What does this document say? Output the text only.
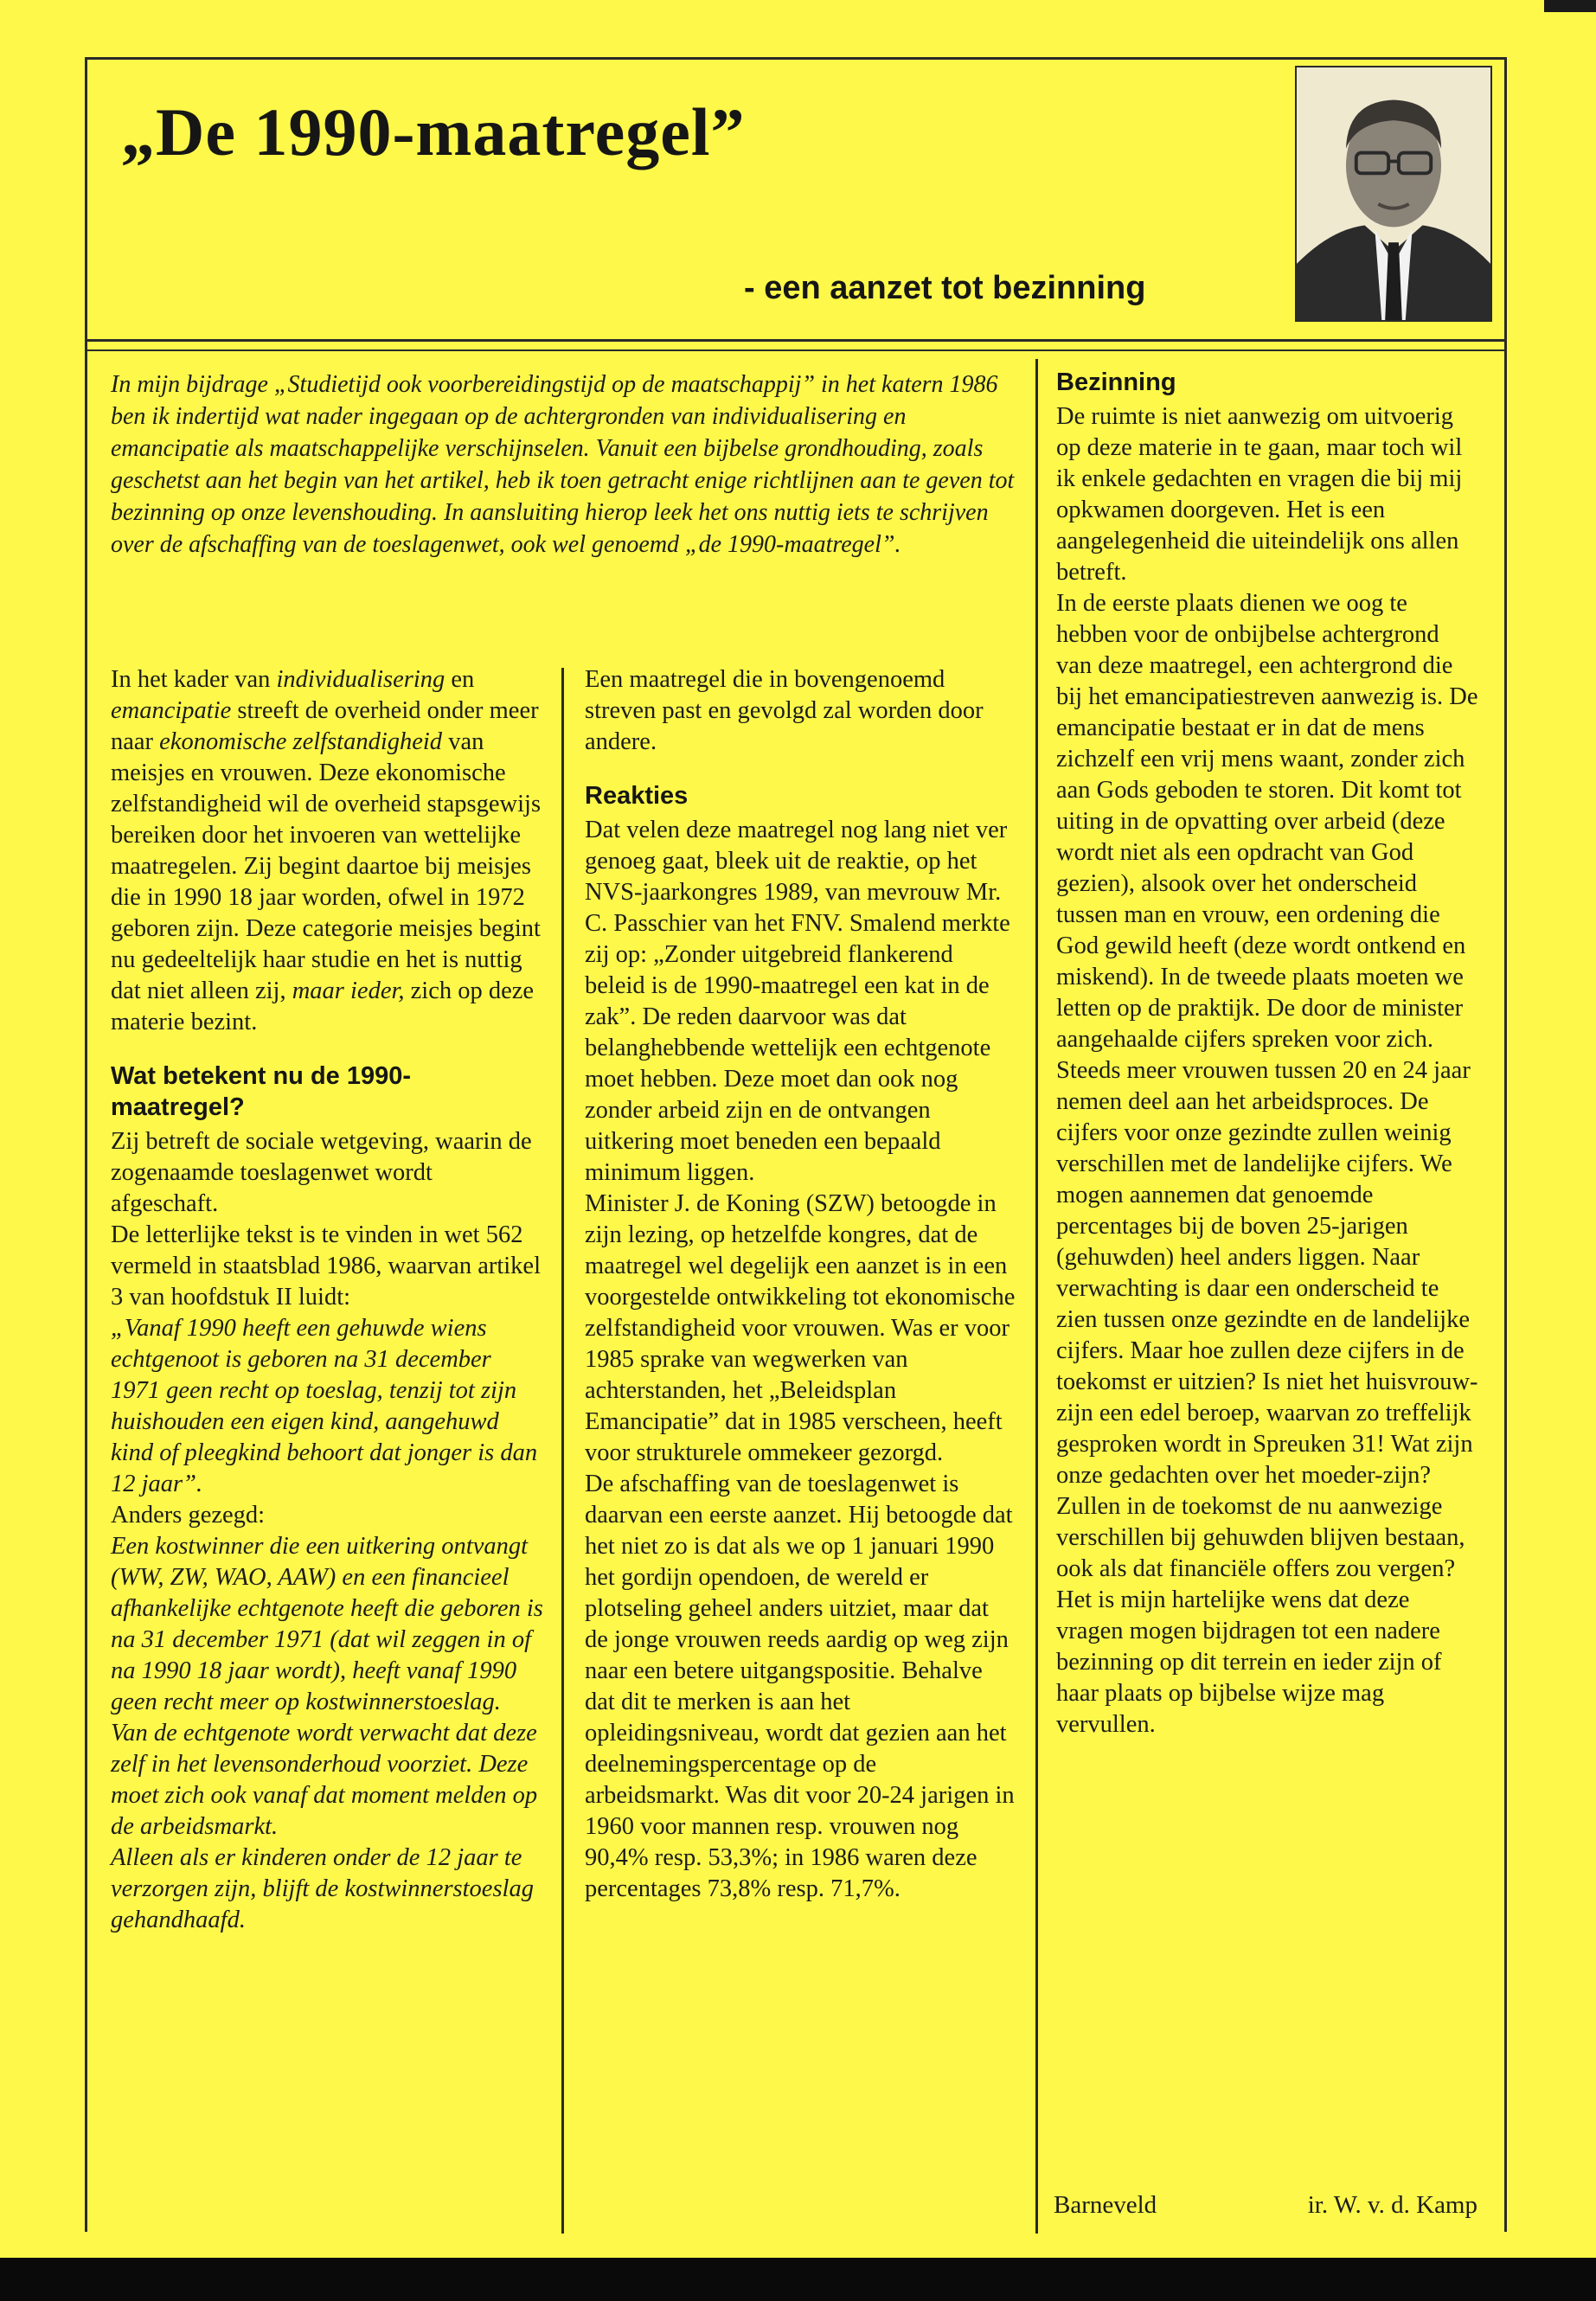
„De 1990-maatregel”
- een aanzet tot bezinning

In mijn bijdrage „Studietijd ook voorbereidingstijd op de maatschappij” in het katern 1986 ben ik indertijd wat nader ingegaan op de achtergronden van individualisering en emancipatie als maatschappelijke verschijnselen. Vanuit een bijbelse grondhouding, zoals geschetst aan het begin van het artikel, heb ik toen getracht enige richtlijnen aan te geven tot bezinning op onze levenshouding. In aansluiting hierop leek het ons nuttig iets te schrijven over de afschaffing van de toeslagenwet, ook wel genoemd „de 1990-maatregel”.

In het kader van individualisering en emancipatie streeft de overheid onder meer naar ekonomische zelfstandigheid van meisjes en vrouwen. Deze ekonomische zelfstandigheid wil de overheid stapsgewijs bereiken door het invoeren van wettelijke maatregelen. Zij begint daartoe bij meisjes die in 1990 18 jaar worden, ofwel in 1972 geboren zijn. Deze categorie meisjes begint nu gedeeltelijk haar studie en het is nuttig dat niet alleen zij, maar ieder, zich op deze materie bezint.

Wat betekent nu de 1990-maatregel?

Zij betreft de sociale wetgeving, waarin de zogenaamde toeslagenwet wordt afgeschaft.

De letterlijke tekst is te vinden in wet 562 vermeld in staatsblad 1986, waarvan artikel 3 van hoofdstuk II luidt:

„Vanaf 1990 heeft een gehuwde wiens echtgenoot is geboren na 31 december 1971 geen recht op toeslag, tenzij tot zijn huishouden een eigen kind, aangehuwd kind of pleegkind behoort dat jonger is dan 12 jaar”.

Anders gezegd:

Een kostwinner die een uitkering ontvangt (WW, ZW, WAO, AAW) en een financieel afhankelijke echtgenote heeft die geboren is na 31 december 1971 (dat wil zeggen in of na 1990 18 jaar wordt), heeft vanaf 1990 geen recht meer op kostwinnerstoeslag. Van de echtgenote wordt verwacht dat deze zelf in het levensonderhoud voorziet. Deze moet zich ook vanaf dat moment melden op de arbeidsmarkt.

Alleen als er kinderen onder de 12 jaar te verzorgen zijn, blijft de kostwinnerstoeslag gehandhaafd.

Een maatregel die in bovengenoemd streven past en gevolgd zal worden door andere.

Reakties

Dat velen deze maatregel nog lang niet ver genoeg gaat, bleek uit de reaktie, op het NVS-jaarkongres 1989, van mevrouw Mr. C. Passchier van het FNV. Smalend merkte zij op: „Zonder uitgebreid flankerend beleid is de 1990-maatregel een kat in de zak”. De reden daarvoor was dat belanghebbende wettelijk een echtgenote moet hebben. Deze moet dan ook nog zonder arbeid zijn en de ontvangen uitkering moet beneden een bepaald minimum liggen.

Minister J. de Koning (SZW) betoogde in zijn lezing, op hetzelfde kongres, dat de maatregel wel degelijk een aanzet is in een voorgestelde ontwikkeling tot ekonomische zelfstandigheid voor vrouwen. Was er voor 1985 sprake van wegwerken van achterstanden, het „Beleidsplan Emancipatie” dat in 1985 verscheen, heeft voor strukturele ommekeer gezorgd.

De afschaffing van de toeslagenwet is daarvan een eerste aanzet. Hij betoogde dat het niet zo is dat als we op 1 januari 1990 het gordijn opendoen, de wereld er plotseling geheel anders uitziet, maar dat de jonge vrouwen reeds aardig op weg zijn naar een betere uitgangspositie. Behalve dat dit te merken is aan het opleidingsniveau, wordt dat gezien aan het deelnemingspercentage op de arbeidsmarkt. Was dit voor 20-24 jarigen in 1960 voor mannen resp. vrouwen nog 90,4% resp. 53,3%; in 1986 waren deze percentages 73,8% resp. 71,7%.

Bezinning

De ruimte is niet aanwezig om uitvoerig op deze materie in te gaan, maar toch wil ik enkele gedachten en vragen die bij mij opkwamen doorgeven. Het is een aangelegenheid die uiteindelijk ons allen betreft.

In de eerste plaats dienen we oog te hebben voor de onbijbelse achtergrond van deze maatregel, een achtergrond die bij het emancipatiestreven aanwezig is. De emancipatie bestaat er in dat de mens zichzelf een vrij mens waant, zonder zich aan Gods geboden te storen. Dit komt tot uiting in de opvatting over arbeid (deze wordt niet als een opdracht van God gezien), alsook over het onderscheid tussen man en vrouw, een ordening die God gewild heeft (deze wordt ontkend en miskend). In de tweede plaats moeten we letten op de praktijk. De door de minister aangehaalde cijfers spreken voor zich. Steeds meer vrouwen tussen 20 en 24 jaar nemen deel aan het arbeidsproces. De cijfers voor onze gezindte zullen weinig verschillen met de landelijke cijfers. We mogen aannemen dat genoemde percentages bij de boven 25-jarigen (gehuwden) heel anders liggen. Naar verwachting is daar een onderscheid te zien tussen onze gezindte en de landelijke cijfers. Maar hoe zullen deze cijfers in de toekomst er uitzien? Is niet het huisvrouw-zijn een edel beroep, waarvan zo treffelijk gesproken wordt in Spreuken 31! Wat zijn onze gedachten over het moeder-zijn? Zullen in de toekomst de nu aanwezige verschillen bij gehuwden blijven bestaan, ook als dat financiële offers zou vergen?

Het is mijn hartelijke wens dat deze vragen mogen bijdragen tot een nadere bezinning op dit terrein en ieder zijn of haar plaats op bijbelse wijze mag vervullen.

Barneveld	ir. W. v. d. Kamp
